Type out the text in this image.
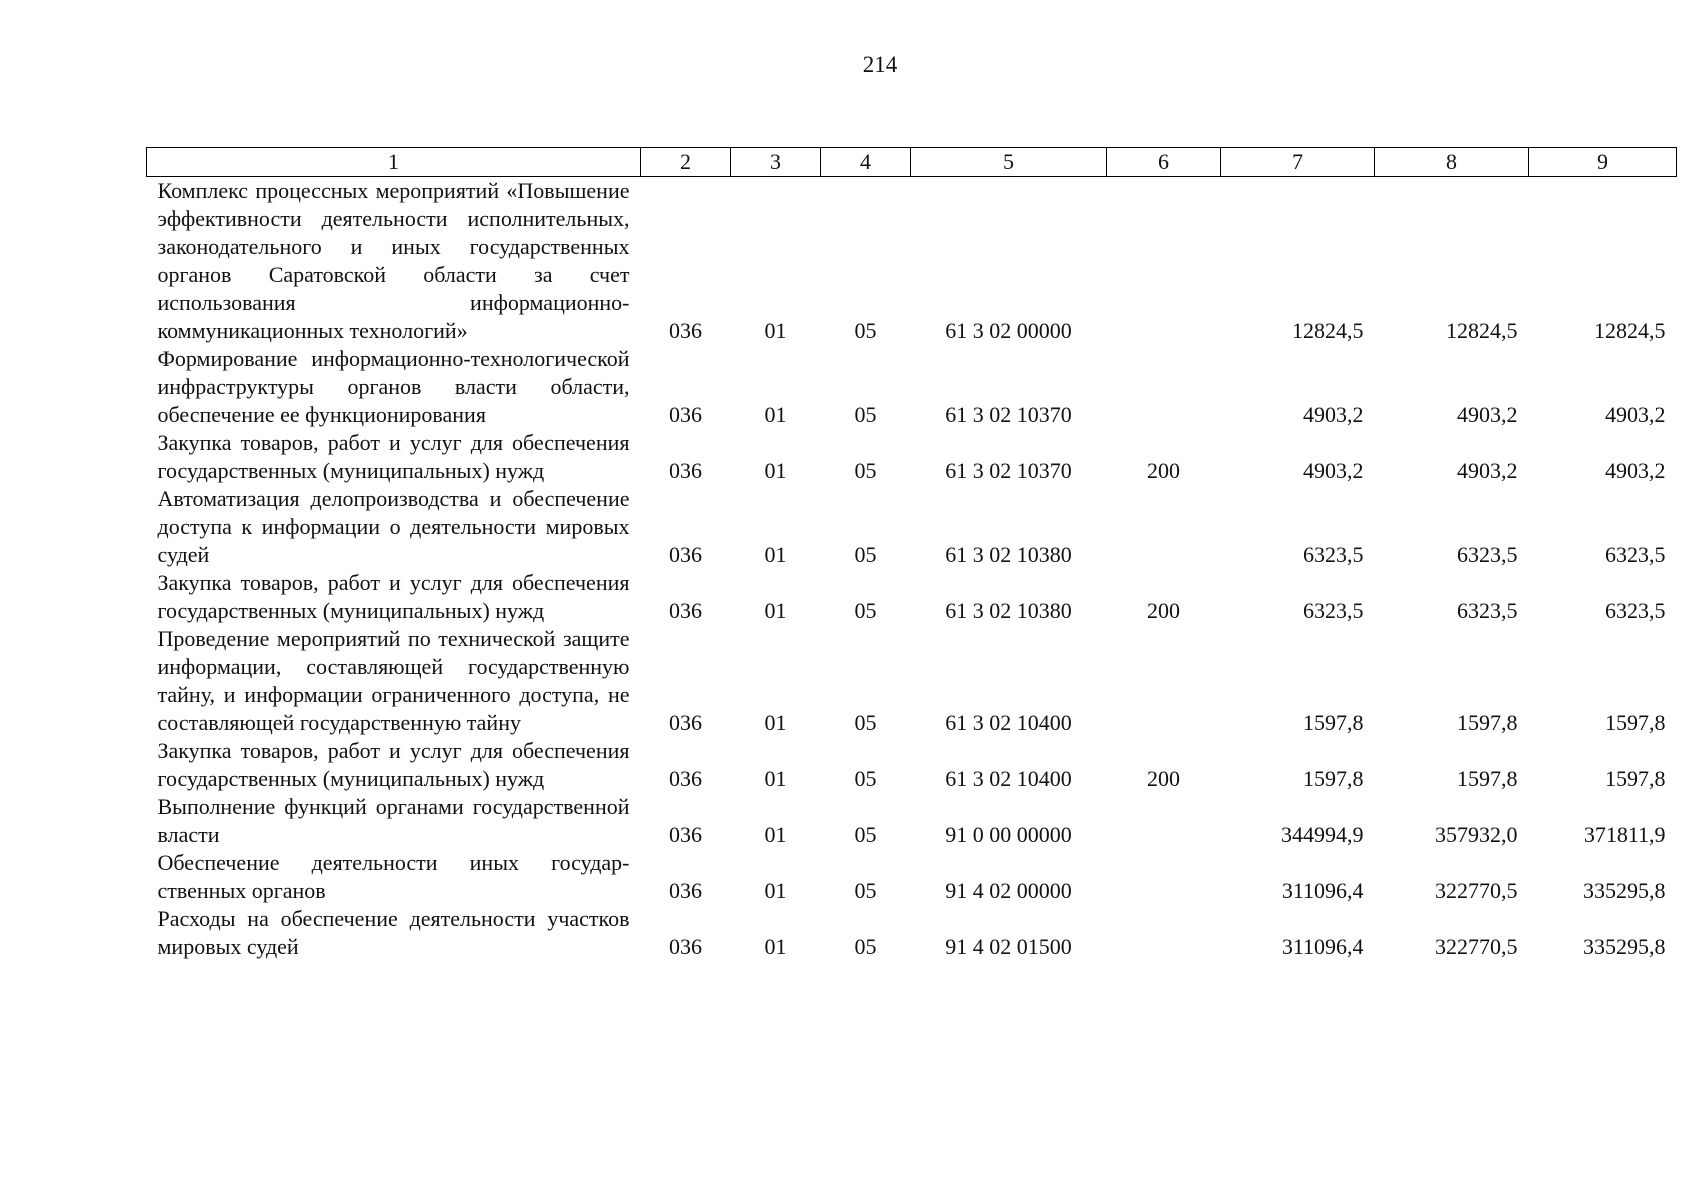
214
1	2	3	4	5	6	7	8	9
Комплекс процессных мероприятий «Повышение эффективности деятельности исполнительных, законодательного и иных государственных органов Саратовской области за счет использования информационно-коммуникационных технологий»	036	01	05	61 3 02 00000		12824,5	12824,5	12824,5
Формирование информационно-технологической инфраструктуры органов власти области, обеспечение ее функционирования	036	01	05	61 3 02 10370		4903,2	4903,2	4903,2
Закупка товаров, работ и услуг для обеспечения государственных (муниципальных) нужд	036	01	05	61 3 02 10370	200	4903,2	4903,2	4903,2
Автоматизация делопроизводства и обеспечение доступа к информации о деятельности мировых судей	036	01	05	61 3 02 10380		6323,5	6323,5	6323,5
Закупка товаров, работ и услуг для обеспечения государственных (муниципальных) нужд	036	01	05	61 3 02 10380	200	6323,5	6323,5	6323,5
Проведение мероприятий по технической защите информации, составляющей государственную тайну, и информации ограниченного доступа, не составляющей государственную тайну	036	01	05	61 3 02 10400		1597,8	1597,8	1597,8
Закупка товаров, работ и услуг для обеспечения государственных (муниципальных) нужд	036	01	05	61 3 02 10400	200	1597,8	1597,8	1597,8
Выполнение функций органами государственной власти	036	01	05	91 0 00 00000		344994,9	357932,0	371811,9
Обеспечение деятельности иных государственных органов	036	01	05	91 4 02 00000		311096,4	322770,5	335295,8
Расходы на обеспечение деятельности участков мировых судей	036	01	05	91 4 02 01500		311096,4	322770,5	335295,8
